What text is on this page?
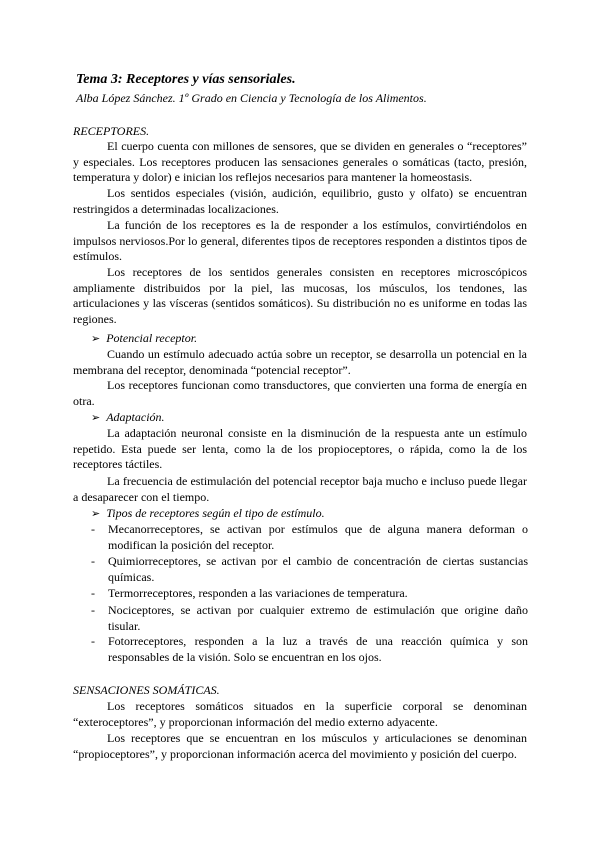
Tema 3: Receptores y vías sensoriales.
Alba López Sánchez. 1º Grado en Ciencia y Tecnología de los Alimentos.
RECEPTORES.

El cuerpo cuenta con millones de sensores, que se dividen en generales o “receptores” y especiales. Los receptores producen las sensaciones generales o somáticas (tacto, presión, temperatura y dolor) e inician los reflejos necesarios para mantener la homeostasis.

Los sentidos especiales (visión, audición, equilibrio, gusto y olfato) se encuentran restringidos a determinadas localizaciones.

La función de los receptores es la de responder a los estímulos, convirtiéndolos en impulsos nerviosos.Por lo general, diferentes tipos de receptores responden a distintos tipos de estímulos.

Los receptores de los sentidos generales consisten en receptores microscópicos ampliamente distribuidos por la piel, las mucosas, los músculos, los tendones, las articulaciones y las vísceras (sentidos somáticos). Su distribución no es uniforme en todas las regiones.

➢ Potencial receptor.

Cuando un estímulo adecuado actúa sobre un receptor, se desarrolla un potencial en la membrana del receptor, denominada “potencial receptor”.

Los receptores funcionan como transductores, que convierten una forma de energía en otra.

➢ Adaptación.

La adaptación neuronal consiste en la disminución de la respuesta ante un estímulo repetido. Esta puede ser lenta, como la de los propioceptores, o rápida, como la de los receptores táctiles.

La frecuencia de estimulación del potencial receptor baja mucho e incluso puede llegar a desaparecer con el tiempo.

➢ Tipos de receptores según el tipo de estímulo.
- Mecanorreceptores, se activan por estímulos que de alguna manera deforman o modifican la posición del receptor.
- Quimiorreceptores, se activan por el cambio de concentración de ciertas sustancias químicas.
- Termorreceptores, responden a las variaciones de temperatura.
- Nociceptores, se activan por cualquier extremo de estimulación que origine daño tisular.
- Fotorreceptores, responden a la luz a través de una reacción química y son responsables de la visión. Solo se encuentran en los ojos.
SENSACIONES SOMÁTICAS.

Los receptores somáticos situados en la superficie corporal se denominan “exteroceptores”, y proporcionan información del medio externo adyacente.

Los receptores que se encuentran en los músculos y articulaciones se denominan “propioceptores”, y proporcionan información acerca del movimiento y posición del cuerpo.
